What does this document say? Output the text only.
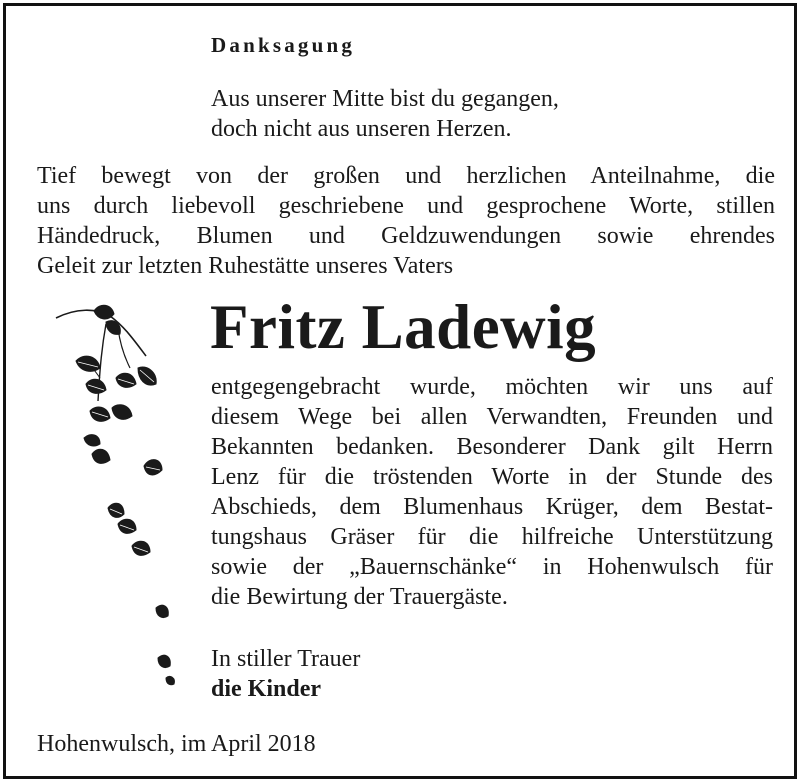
Danksagung
Aus unserer Mitte bist du gegangen,
doch nicht aus unseren Herzen.
Tief bewegt von der großen und herzlichen Anteilnahme, die
uns durch liebevoll geschriebene und gesprochene Worte, stillen
Händedruck, Blumen und Geldzuwendungen sowie ehrendes
Geleit zur letzten Ruhestätte unseres Vaters
Fritz Ladewig
entgegengebracht wurde, möchten wir uns auf
diesem Wege bei allen Verwandten, Freunden und
Bekannten bedanken. Besonderer Dank gilt Herrn
Lenz für die tröstenden Worte in der Stunde des
Abschieds, dem Blumenhaus Krüger, dem Bestat-
tungshaus Gräser für die hilfreiche Unterstützung
sowie der „Bauernschänke“ in Hohenwulsch für
die Bewirtung der Trauergäste.
In stiller Trauer
die Kinder
Hohenwulsch, im April 2018
